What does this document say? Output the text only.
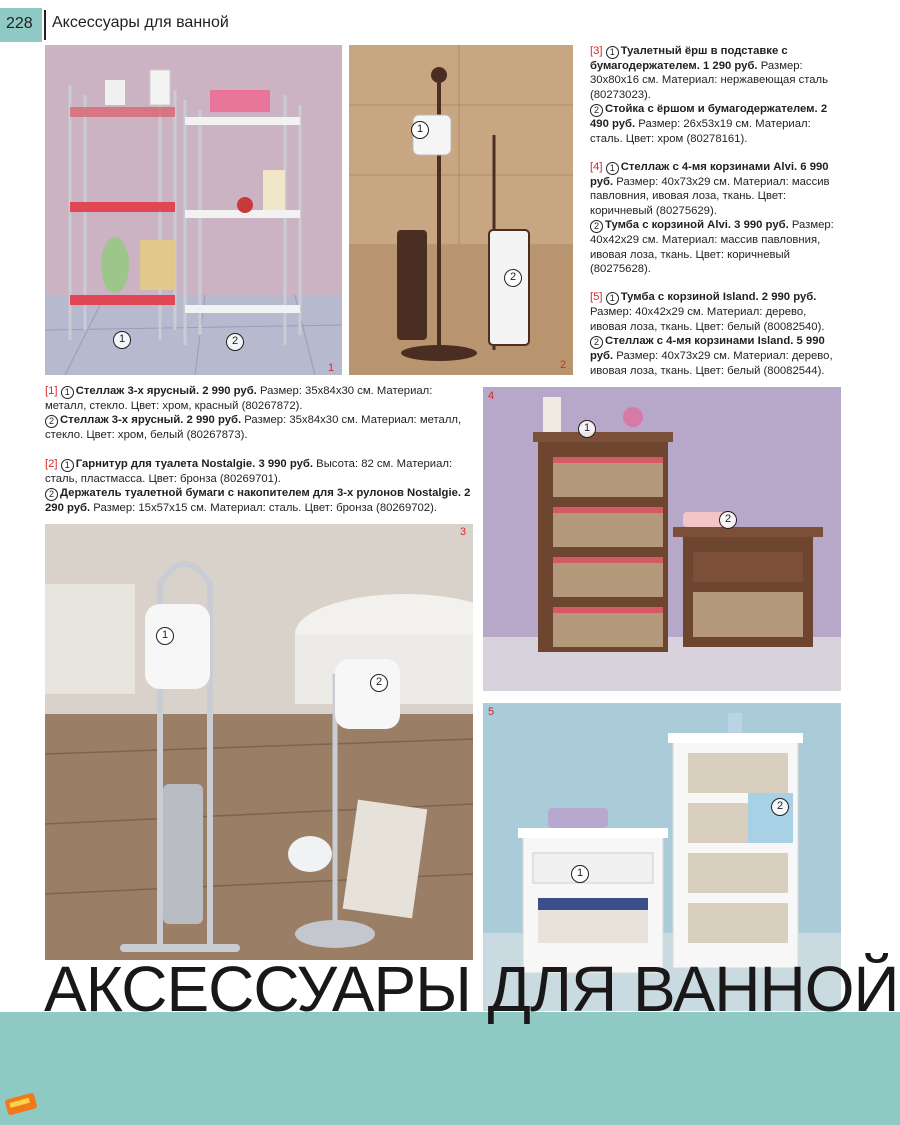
228 Аксессуары для ванной
1	2
1
1
2
2

[3] 1 Туалетный ёрш в подставке с бумагодержателем. 1 290 руб. Размер: 30x80x16 см. Материал: нержавеющая сталь (80273023).
2 Стойка с ёршом и бумагодержателем. 2 490 руб. Размер: 26x53x19 см. Материал: сталь. Цвет: хром (80278161).

[4] 1 Стеллаж с 4-мя корзинами Alvi. 6 990 руб. Размер: 40x73x29 см. Материал: массив павловния, ивовая лоза, ткань. Цвет: коричневый (80275629).
2 Тумба с корзиной Alvi. 3 990 руб. Размер: 40x42x29 см. Материал: массив павловния, ивовая лоза, ткань. Цвет: коричневый (80275628).

[5] 1 Тумба с корзиной Island. 2 990 руб. Размер: 40x42x29 см. Материал: дерево, ивовая лоза, ткань. Цвет: белый (80082540).
2 Стеллаж с 4-мя корзинами Island. 5 990 руб. Размер: 40x73x29 см. Материал: дерево, ивовая лоза, ткань. Цвет: белый (80082544).

[1] 1 Стеллаж 3-х ярусный. 2 990 руб. Размер: 35x84x30 см. Материал: металл, стекло. Цвет: хром, красный (80267872).
2 Стеллаж 3-х ярусный. 2 990 руб. Размер: 35x84x30 см. Материал: металл, стекло. Цвет: хром, белый (80267873).

[2] 1 Гарнитур для туалета Nostalgie. 3 990 руб. Высота: 82 см. Материал: сталь, пластмасса. Цвет: бронза (80269701).
2 Держатель туалетной бумаги с накопителем для 3-х рулонов Nostalgie. 2 290 руб. Размер: 15x57x15 см. Материал: сталь. Цвет: бронза (80269702).

1
2
4
1
2
3
1
2
5
АКСЕССУАРЫ ДЛЯ ВАННОЙ
